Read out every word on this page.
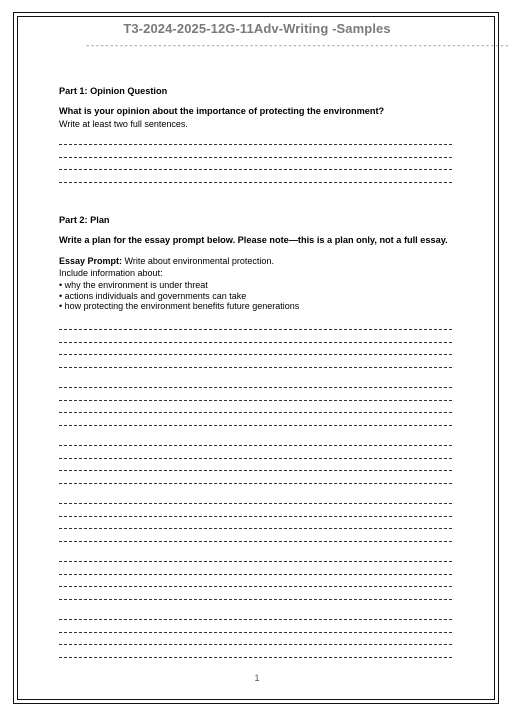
T3-2024-2025-12G-11Adv-Writing -Samples
----------------------------------------------------------------------------------------
Part 1: Opinion Question
What is your opinion about the importance of protecting the environment?
Write at least two full sentences.
Part 2: Plan
Write a plan for the essay prompt below. Please note—this is a plan only, not a full essay.
Essay Prompt: Write about environmental protection.
Include information about:
• why the environment is under threat
• actions individuals and governments can take
• how protecting the environment benefits future generations
1
